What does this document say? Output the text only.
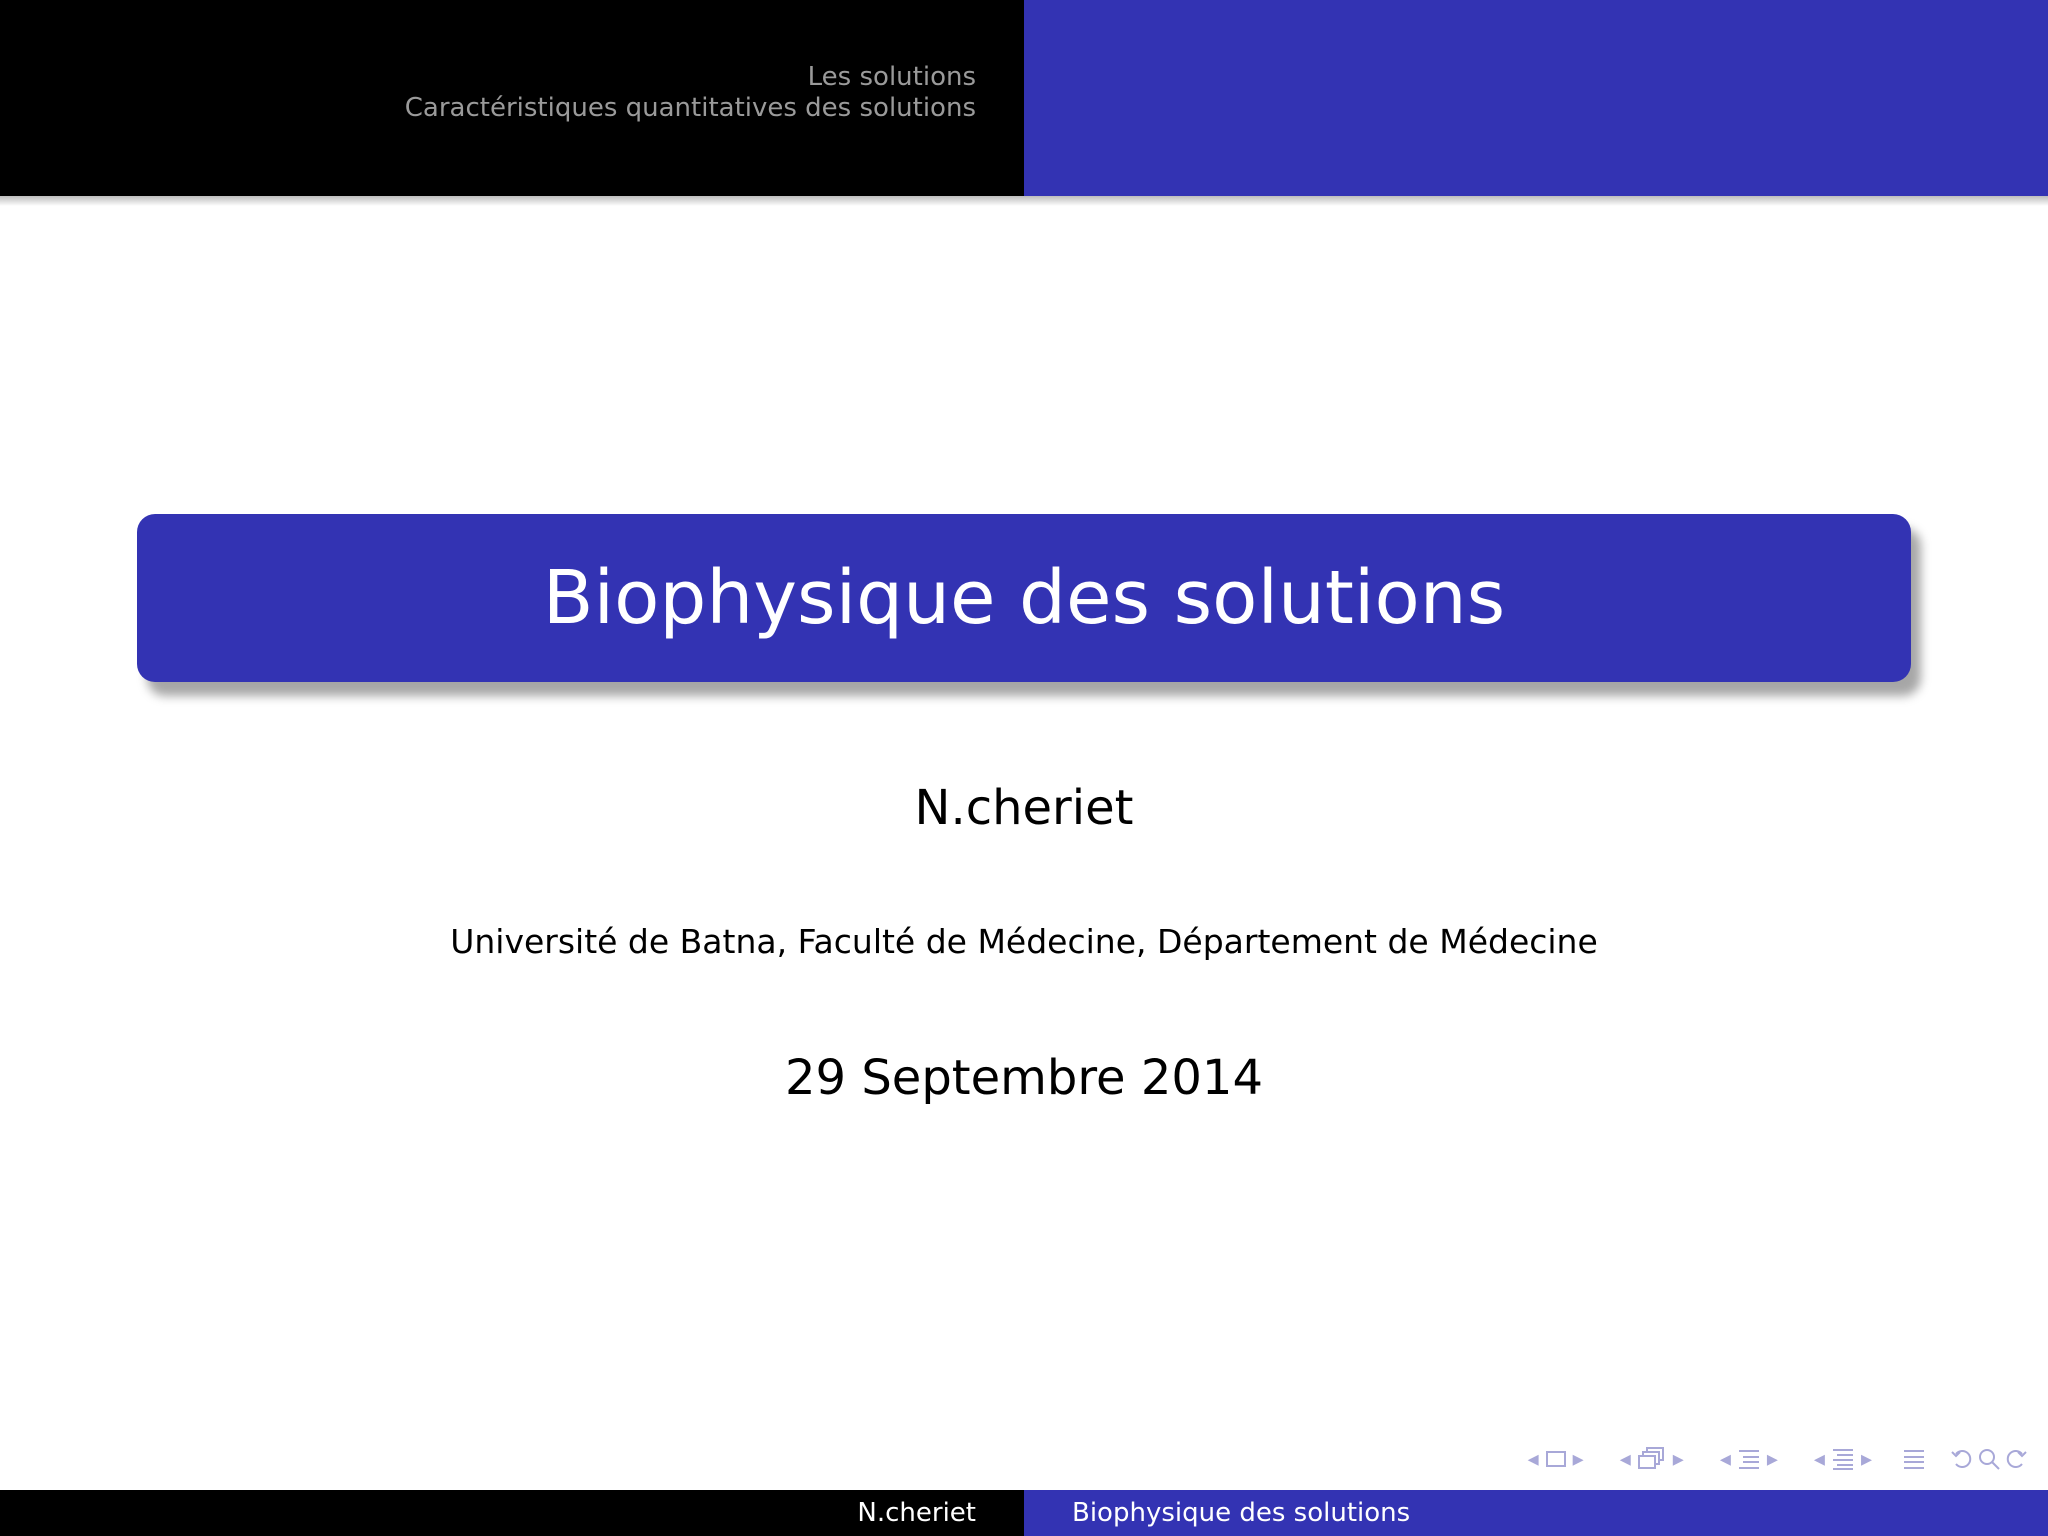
Les solutions
Caractéristiques quantitatives des solutions
Biophysique des solutions
N.cheriet
Université de Batna, Faculté de Médecine, Département de Médecine
29 Septembre 2014
◂ ▸ ◂ ▸ ◂ ▸ ◂ ▸
N.cheriet	Biophysique des solutions
